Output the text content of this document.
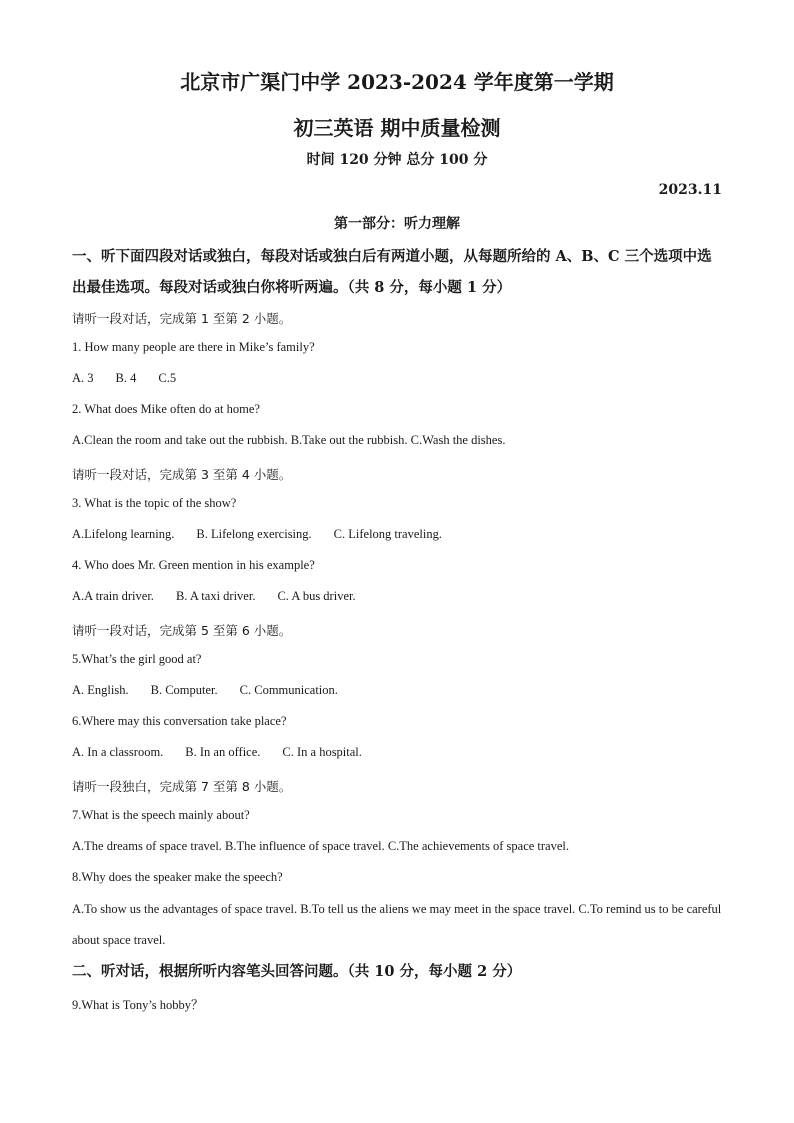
北京市广渠门中学 2023-2024 学年度第一学期
初三英语 期中质量检测
时间 120 分钟 总分 100 分
2023.11
第一部分：听力理解
一、听下面四段对话或独白，每段对话或独白后有两道小题，从每题所给的 A、B、C 三个选项中选出最佳选项。每段对话或独白你将听两遍。（共 8 分，每小题 1 分）
请听一段对话，完成第 1 至第 2 小题。
1. How many people are there in Mike’s family?
A. 3 B. 4 C.5
2. What does Mike often do at home?
A.Clean the room and take out the rubbish. B.Take out the rubbish. C.Wash the dishes.
请听一段对话，完成第 3 至第 4 小题。
3. What is the topic of the show?
A.Lifelong learning. B. Lifelong exercising. C. Lifelong traveling.
4. Who does Mr. Green mention in his example?
A.A train driver. B. A taxi driver. C. A bus driver.
请听一段对话，完成第 5 至第 6 小题。
5.What’s the girl good at?
A. English. B. Computer. C. Communication.
6.Where may this conversation take place?
A. In a classroom. B. In an office. C. In a hospital.
请听一段独白，完成第 7 至第 8 小题。
7.What is the speech mainly about?
A.The dreams of space travel. B.The influence of space travel. C.The achievements of space travel.
8.Why does the speaker make the speech?
A.To show us the advantages of space travel. B.To tell us the aliens we may meet in the space travel. C.To remind us to be careful about space travel.
二、听对话，根据所听内容笔头回答问题。（共 10 分，每小题 2 分）
9.What is Tony’s hobby？
